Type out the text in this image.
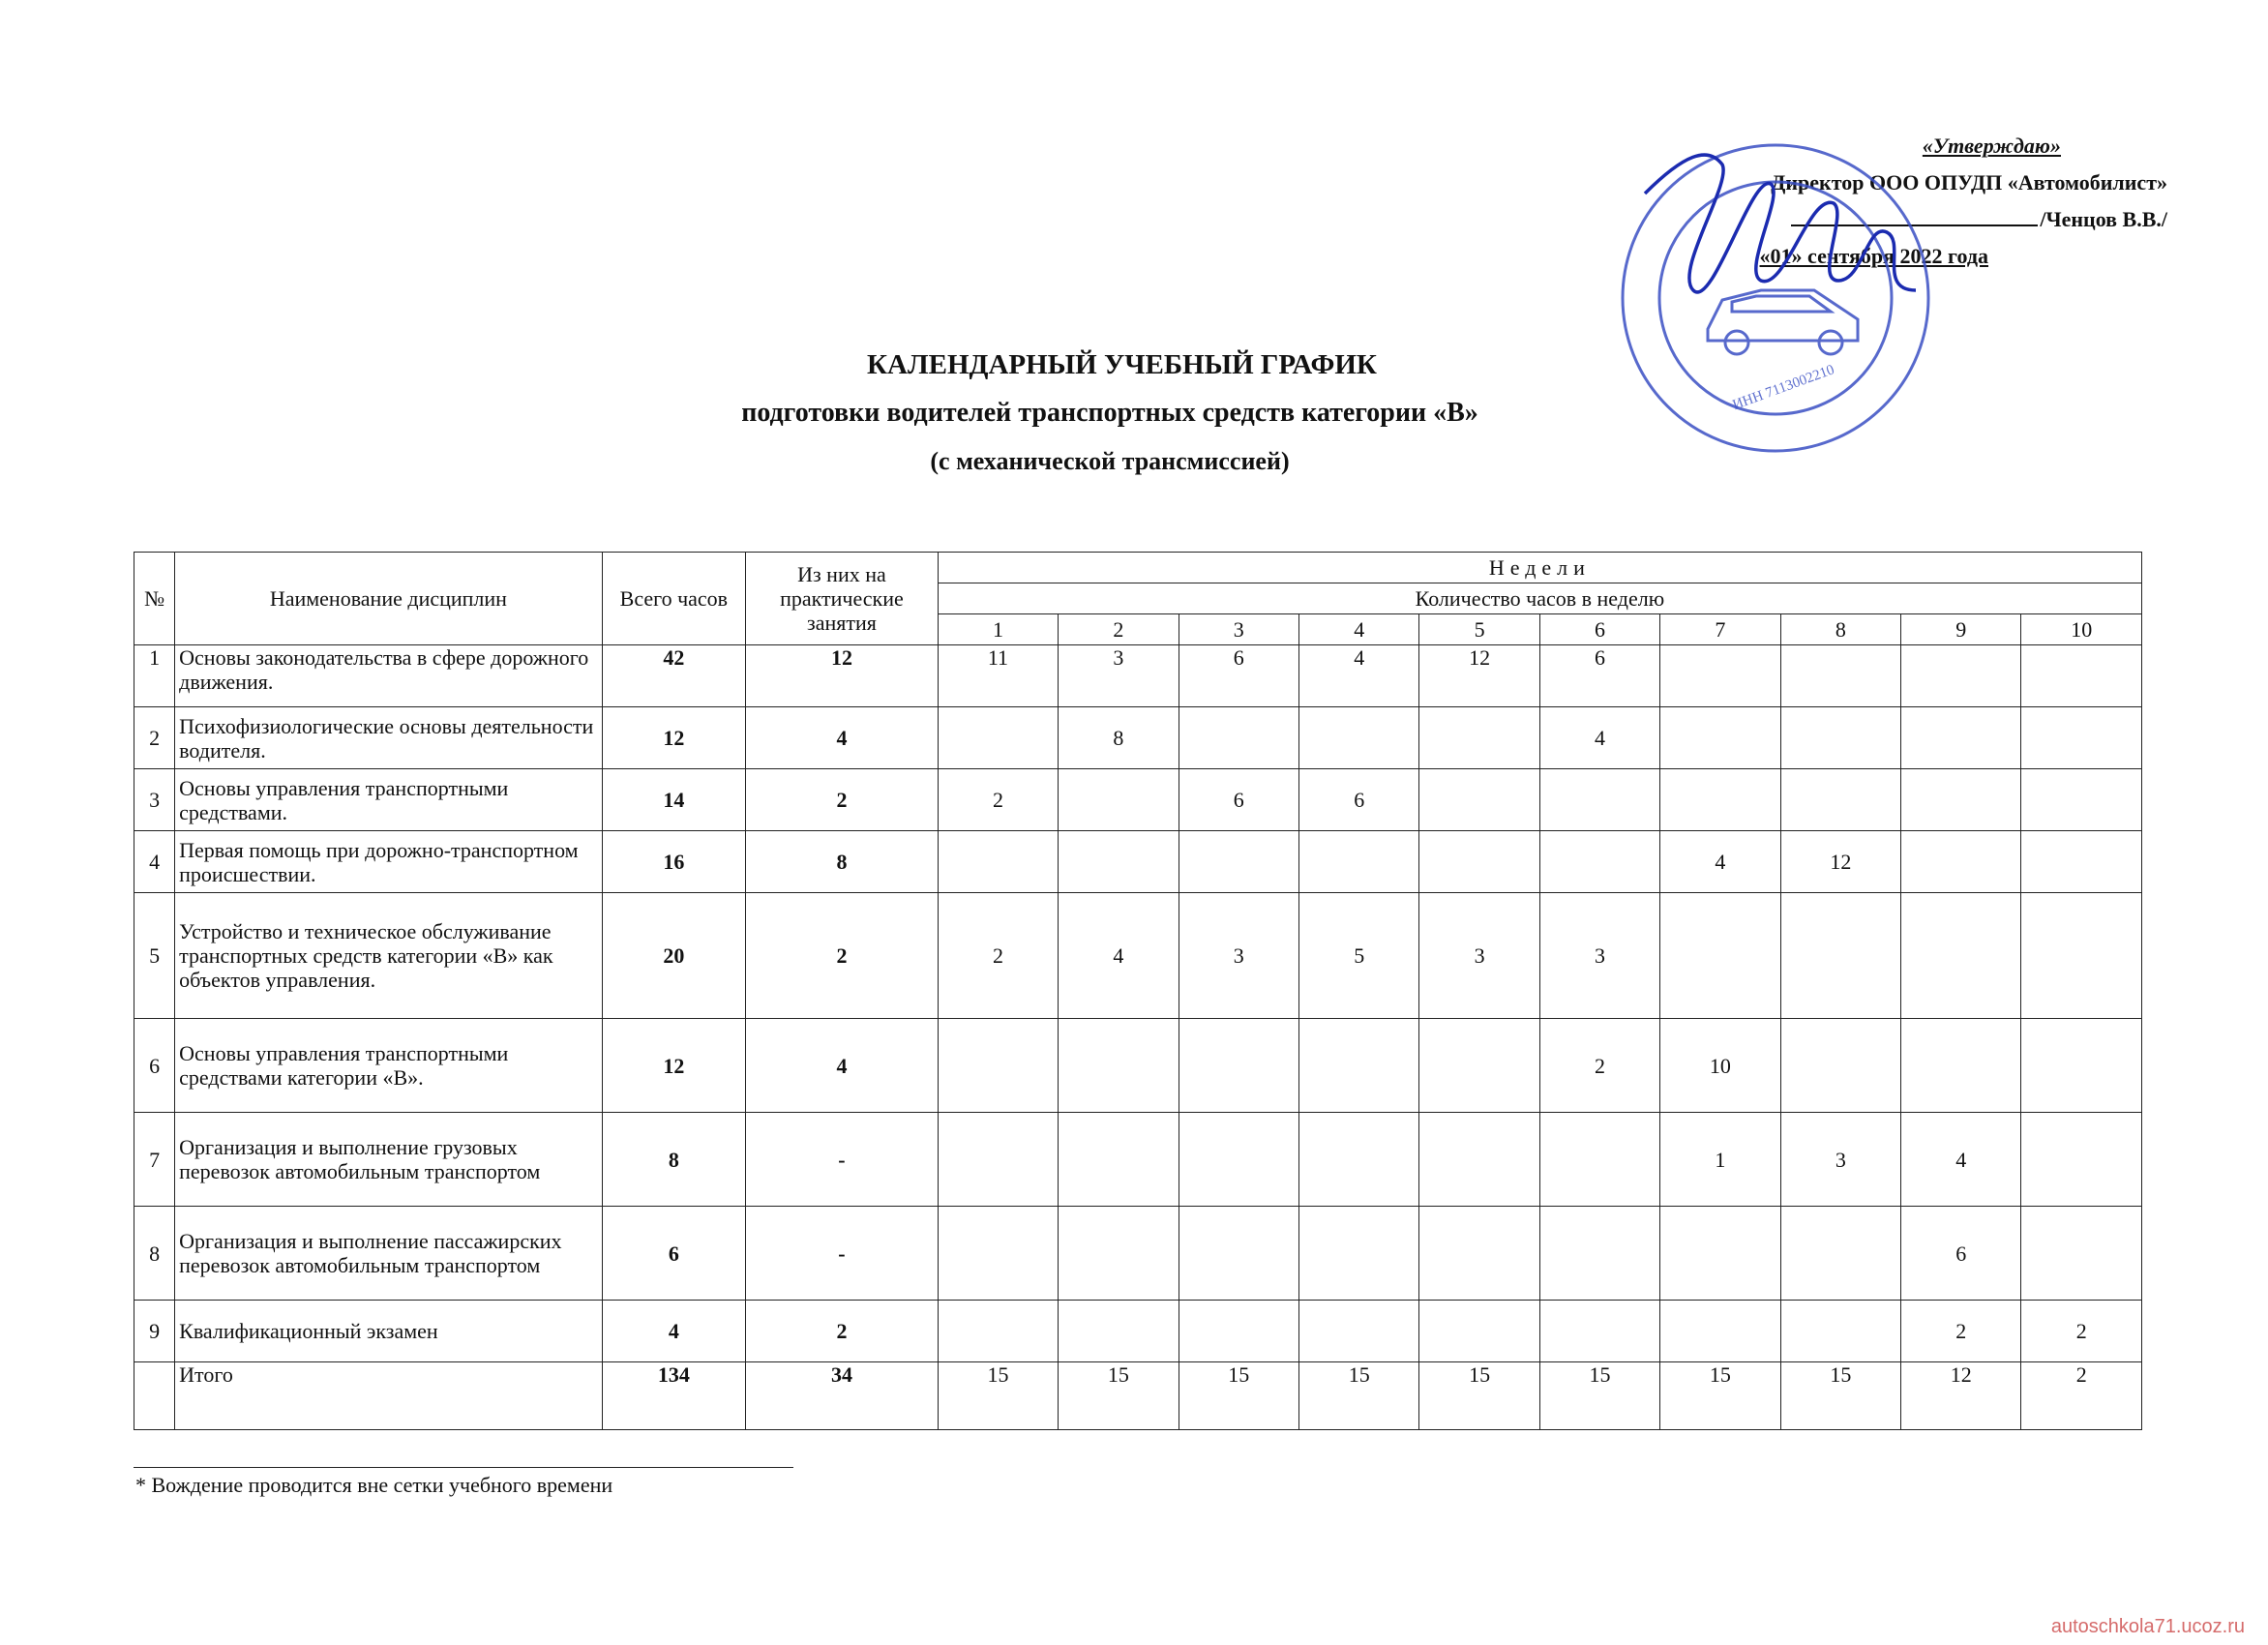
«Утверждаю»
Директор ООО ОПУДП «Автомобилист»
/Ченцов В.В./
«01» сентября 2022 года
ИНН 7113002210
КАЛЕНДАРНЫЙ УЧЕБНЫЙ ГРАФИК
подготовки водителей транспортных средств категории «В»
(с механической трансмиссией)
№	Наименование дисциплин	Всего часов	Из них на практические занятия	Недели									
				Количество часов в неделю									
				1	2	3	4	5	6	7	8	9	10
1	Основы законодательства в сфере дорожного движения.	42	12	11	3	6	4	12	6				
2	Психофизиологические основы деятельности водителя.	12	4		8				4				
3	Основы управления транспортными средствами.	14	2	2		6	6						
4	Первая помощь при дорожно-транспортном происшествии.	16	8							4	12		
5	Устройство и техническое обслуживание транспортных средств категории «В» как объектов управления.	20	2	2	4	3	5	3	3				
6	Основы управления транспортными средствами категории «В».	12	4						2	10			
7	Организация и выполнение грузовых перевозок автомобильным транспортом	8	-							1	3	4	
8	Организация и выполнение пассажирских перевозок автомобильным транспортом	6	-									6	
9	Квалификационный экзамен	4	2									2	2
	Итого	134	34	15	15	15	15	15	15	15	15	12	2
* Вождение проводится вне сетки учебного времени
autoschkola71.ucoz.ru
